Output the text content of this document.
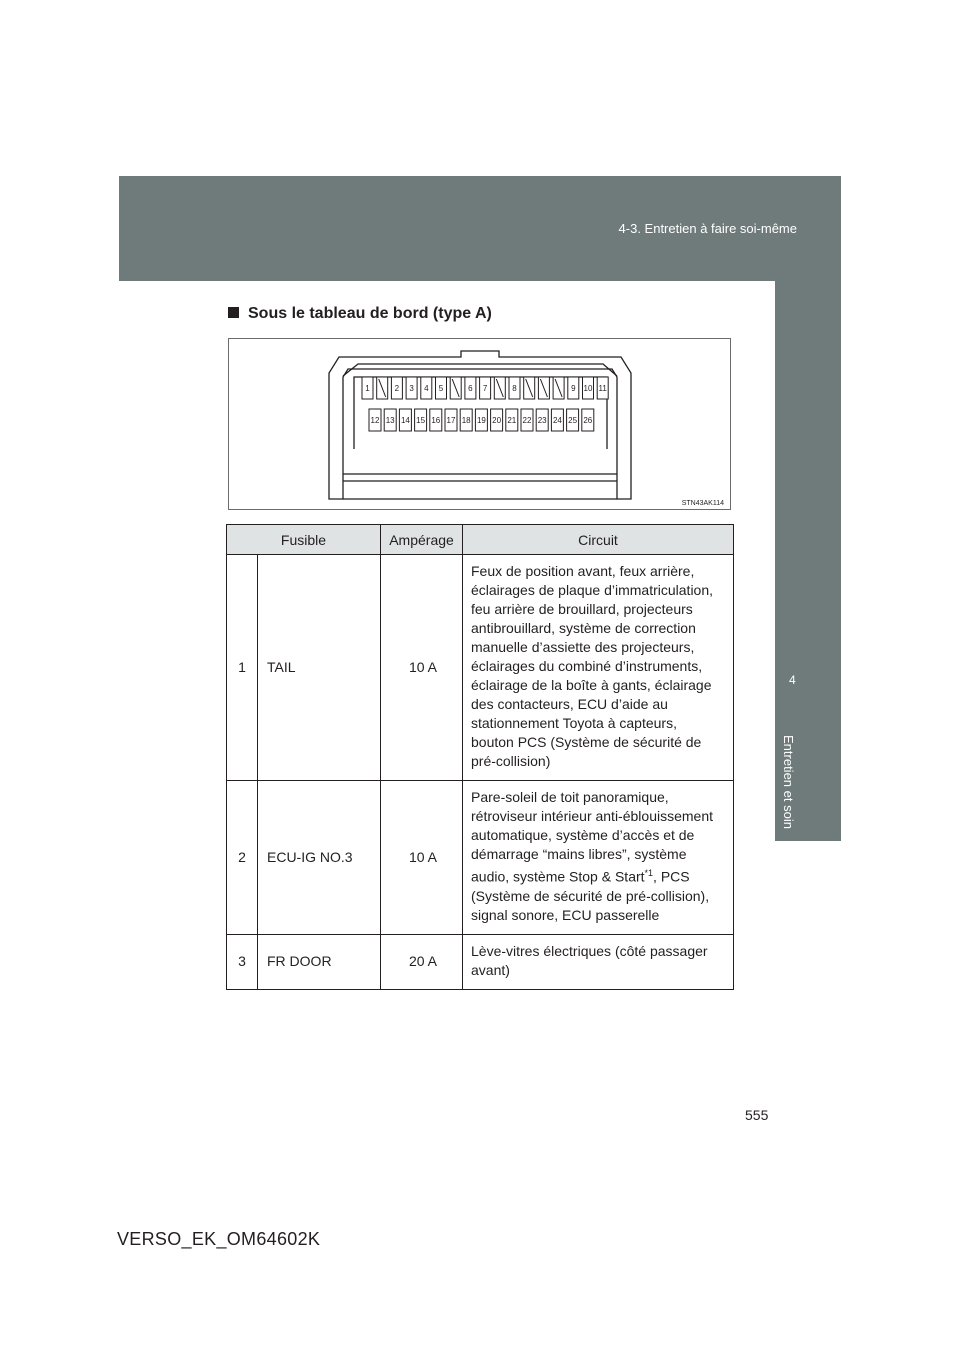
4-3. Entretien à faire soi-même
4
Entretien et soin
Sous le tableau de bord (type A)
1	2 3 4 5	6 7	8	9 10 11
12 13 14 15 16 17 18 19 20 21 22 23 24 25 26
STN43AK114
Fusible		Ampérage	Circuit
1	TAIL	10 A	Feux de position avant, feux arrière, éclairages de plaque d’immatriculation, feu arrière de brouillard, projecteurs antibrouillard, système de correction manuelle d’assiette des projecteurs, éclairages du combiné d’instruments, éclairage de la boîte à gants, éclairage des contacteurs, ECU d’aide au stationnement Toyota à capteurs, bouton PCS (Système de sécurité de pré-collision)
2	ECU-IG NO.3	10 A	Pare-soleil de toit panoramique, rétroviseur intérieur anti-éblouissement automatique, système d’accès et de démarrage “mains libres”, système audio, système Stop & Start$^{*1}$, PCS (Système de sécurité de pré-collision), signal sonore, ECU passerelle
3	FR DOOR	20 A	Lève-vitres électriques (côté passager avant)
555
VERSO_EK_OM64602K
